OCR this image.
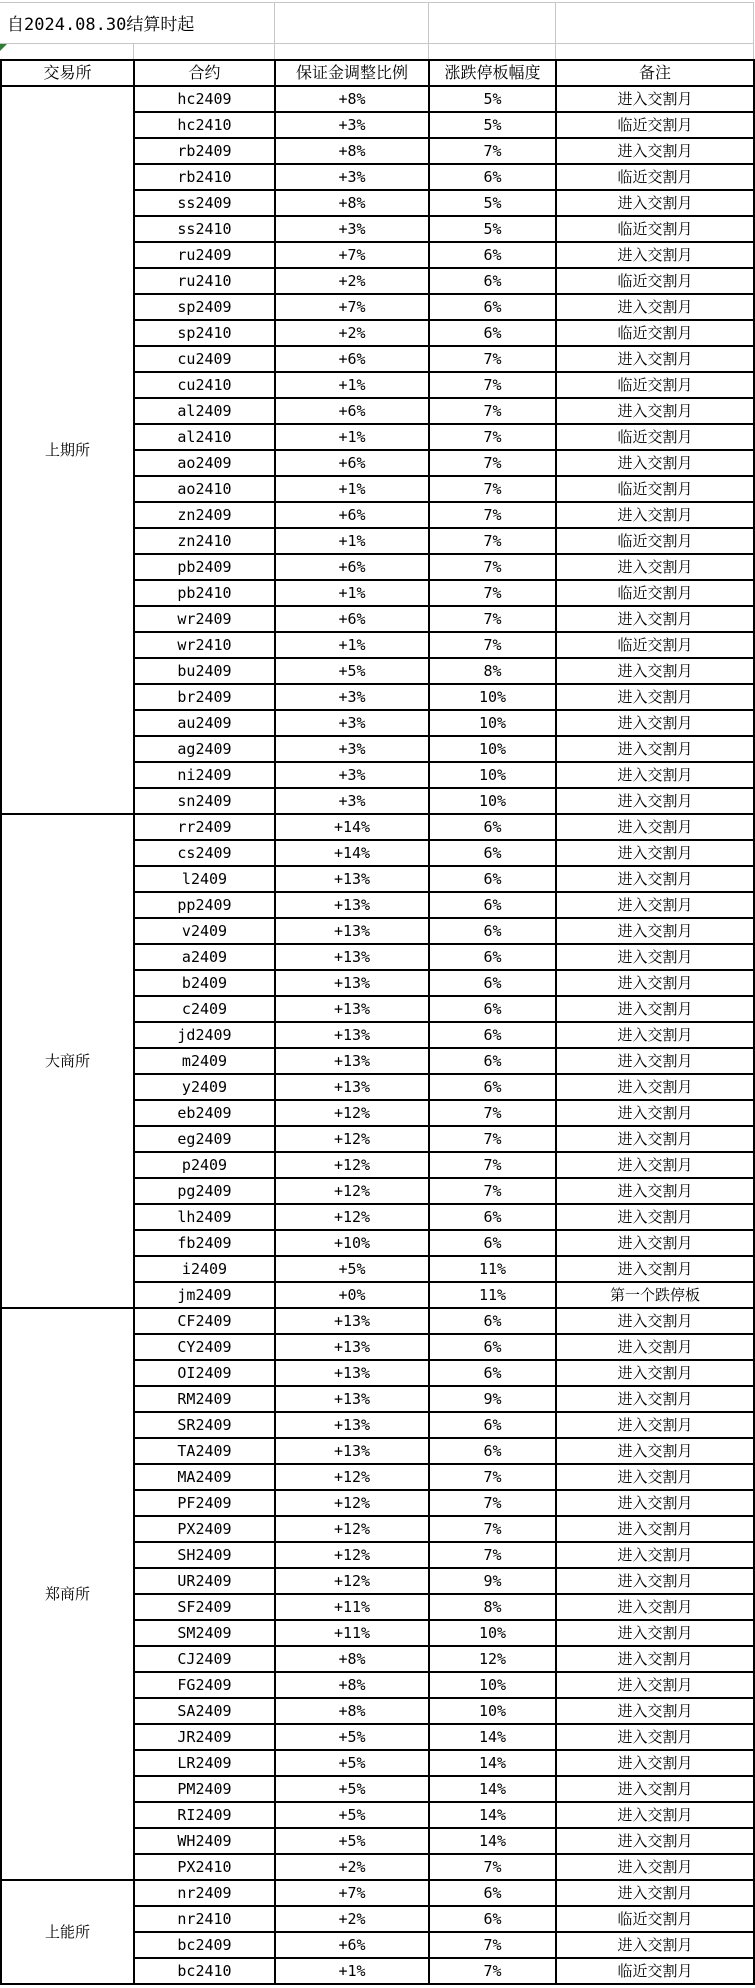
自2024.08.30结算时起
交易所	合约	保证金调整比例	涨跌停板幅度	备注
上期所	hc2409	+8%	5%	进入交割月
	hc2410	+3%	5%	临近交割月
	rb2409	+8%	7%	进入交割月
	rb2410	+3%	6%	临近交割月
	ss2409	+8%	5%	进入交割月
	ss2410	+3%	5%	临近交割月
	ru2409	+7%	6%	进入交割月
	ru2410	+2%	6%	临近交割月
	sp2409	+7%	6%	进入交割月
	sp2410	+2%	6%	临近交割月
	cu2409	+6%	7%	进入交割月
	cu2410	+1%	7%	临近交割月
	al2409	+6%	7%	进入交割月
	al2410	+1%	7%	临近交割月
	ao2409	+6%	7%	进入交割月
	ao2410	+1%	7%	临近交割月
	zn2409	+6%	7%	进入交割月
	zn2410	+1%	7%	临近交割月
	pb2409	+6%	7%	进入交割月
	pb2410	+1%	7%	临近交割月
	wr2409	+6%	7%	进入交割月
	wr2410	+1%	7%	临近交割月
	bu2409	+5%	8%	进入交割月
	br2409	+3%	10%	进入交割月
	au2409	+3%	10%	进入交割月
	ag2409	+3%	10%	进入交割月
	ni2409	+3%	10%	进入交割月
	sn2409	+3%	10%	进入交割月
大商所	rr2409	+14%	6%	进入交割月
	cs2409	+14%	6%	进入交割月
	l2409	+13%	6%	进入交割月
	pp2409	+13%	6%	进入交割月
	v2409	+13%	6%	进入交割月
	a2409	+13%	6%	进入交割月
	b2409	+13%	6%	进入交割月
	c2409	+13%	6%	进入交割月
	jd2409	+13%	6%	进入交割月
	m2409	+13%	6%	进入交割月
	y2409	+13%	6%	进入交割月
	eb2409	+12%	7%	进入交割月
	eg2409	+12%	7%	进入交割月
	p2409	+12%	7%	进入交割月
	pg2409	+12%	7%	进入交割月
	lh2409	+12%	6%	进入交割月
	fb2409	+10%	6%	进入交割月
	i2409	+5%	11%	进入交割月
	jm2409	+0%	11%	第一个跌停板
郑商所	CF2409	+13%	6%	进入交割月
	CY2409	+13%	6%	进入交割月
	OI2409	+13%	6%	进入交割月
	RM2409	+13%	9%	进入交割月
	SR2409	+13%	6%	进入交割月
	TA2409	+13%	6%	进入交割月
	MA2409	+12%	7%	进入交割月
	PF2409	+12%	7%	进入交割月
	PX2409	+12%	7%	进入交割月
	SH2409	+12%	7%	进入交割月
	UR2409	+12%	9%	进入交割月
	SF2409	+11%	8%	进入交割月
	SM2409	+11%	10%	进入交割月
	CJ2409	+8%	12%	进入交割月
	FG2409	+8%	10%	进入交割月
	SA2409	+8%	10%	进入交割月
	JR2409	+5%	14%	进入交割月
	LR2409	+5%	14%	进入交割月
	PM2409	+5%	14%	进入交割月
	RI2409	+5%	14%	进入交割月
	WH2409	+5%	14%	进入交割月
	PX2410	+2%	7%	进入交割月
上能所	nr2409	+7%	6%	进入交割月
	nr2410	+2%	6%	临近交割月
	bc2409	+6%	7%	进入交割月
	bc2410	+1%	7%	临近交割月
